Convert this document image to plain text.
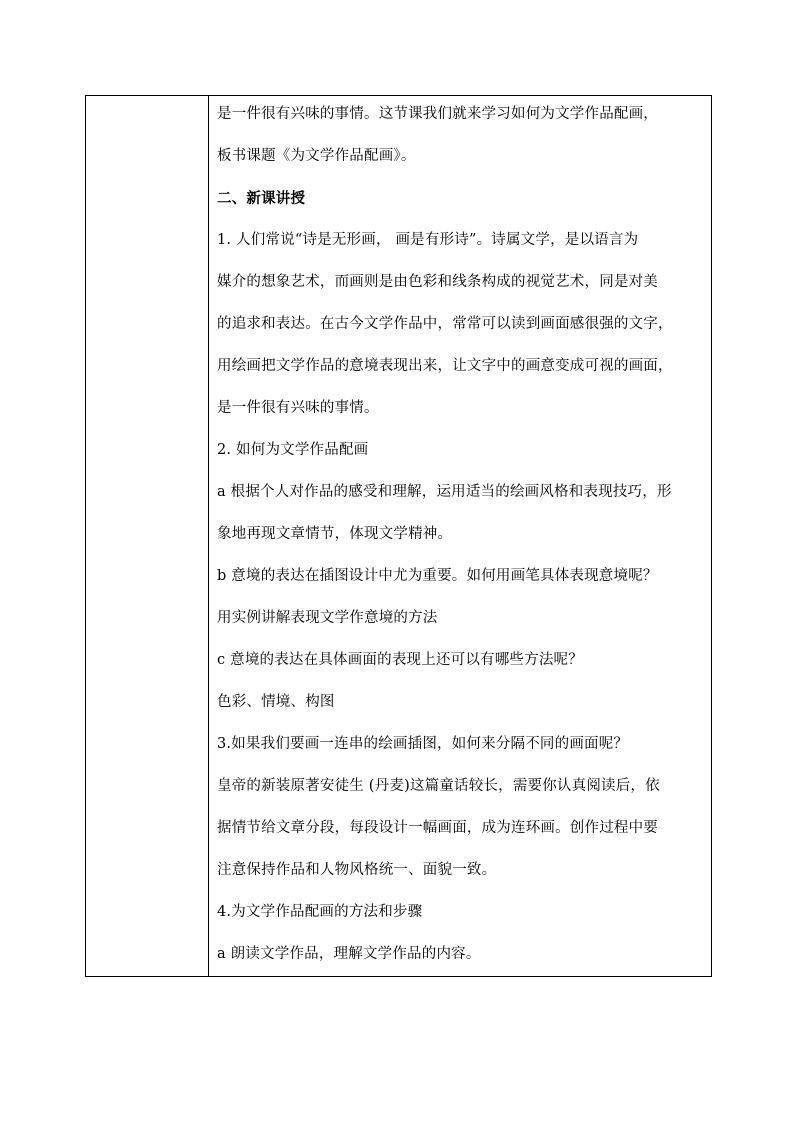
是一件很有兴味的事情。这节课我们就来学习如何为文学作品配画，
板书课题《为文学作品配画》。
二、新课讲授
1. 人们常说“诗是无形画， 画是有形诗”。诗属文学，是以语言为
媒介的想象艺术，而画则是由色彩和线条构成的视觉艺术，同是对美
的追求和表达。在古今文学作品中，常常可以读到画面感很强的文字，
用绘画把文学作品的意境表现出来，让文字中的画意变成可视的画面，
是一件很有兴味的事情。
2. 如何为文学作品配画
a 根据个人对作品的感受和理解，运用适当的绘画风格和表现技巧，形
象地再现文章情节，体现文学精神。
b 意境的表达在插图设计中尤为重要。如何用画笔具体表现意境呢？
用实例讲解表现文学作意境的方法
c 意境的表达在具体画面的表现上还可以有哪些方法呢？
色彩、情境、构图
3.如果我们要画一连串的绘画插图，如何来分隔不同的画面呢？
皇帝的新装原著安徒生 (丹麦)这篇童话较长，需要你认真阅读后，依
据情节给文章分段，每段设计一幅画面，成为连环画。创作过程中要
注意保持作品和人物风格统一、面貌一致。
4.为文学作品配画的方法和步骤
a 朗读文学作品，理解文学作品的内容。
